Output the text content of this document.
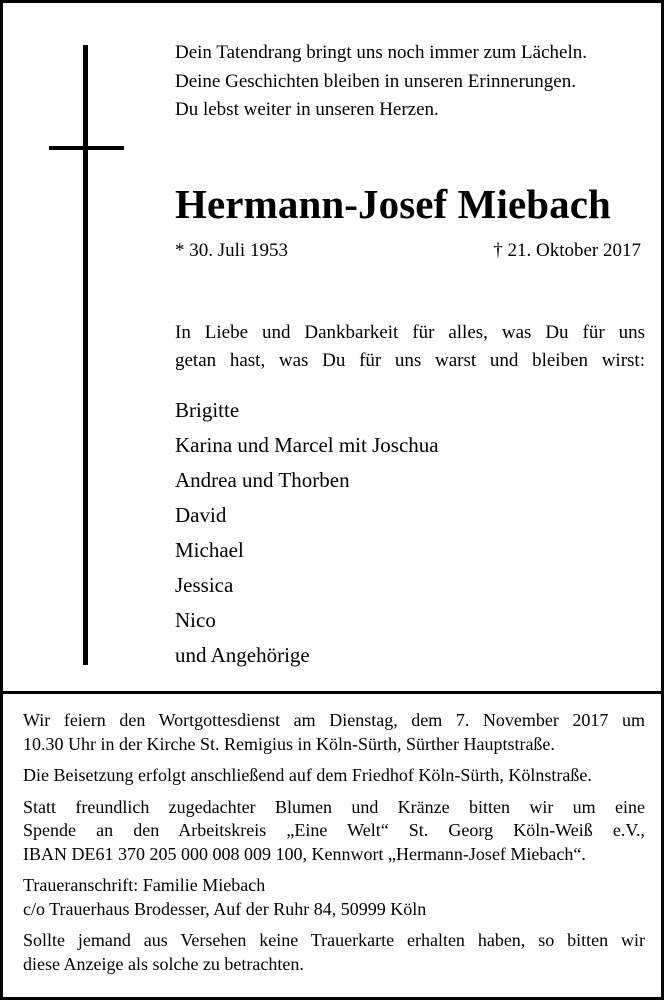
Dein Tatendrang bringt uns noch immer zum Lächeln.
Deine Geschichten bleiben in unseren Erinnerungen.
Du lebst weiter in unseren Herzen.
Hermann-Josef Miebach
* 30. Juli 1953	† 21. Oktober 2017
In Liebe und Dankbarkeit für alles, was Du für uns
getan hast, was Du für uns warst und bleiben wirst:
Brigitte
Karina und Marcel mit Joschua
Andrea und Thorben
David
Michael
Jessica
Nico
und Angehörige
Wir feiern den Wortgottesdienst am Dienstag, dem 7. November 2017 um
10.30 Uhr in der Kirche St. Remigius in Köln-Sürth, Sürther Hauptstraße.
Die Beisetzung erfolgt anschließend auf dem Friedhof Köln-Sürth, Kölnstraße.
Statt freundlich zugedachter Blumen und Kränze bitten wir um eine
Spende an den Arbeitskreis „Eine Welt“ St. Georg Köln-Weiß e.V.,
IBAN DE61 370 205 000 008 009 100, Kennwort „Hermann-Josef Miebach“.
Traueranschrift: Familie Miebach
c/o Trauerhaus Brodesser, Auf der Ruhr 84, 50999 Köln
Sollte jemand aus Versehen keine Trauerkarte erhalten haben, so bitten wir
diese Anzeige als solche zu betrachten.
